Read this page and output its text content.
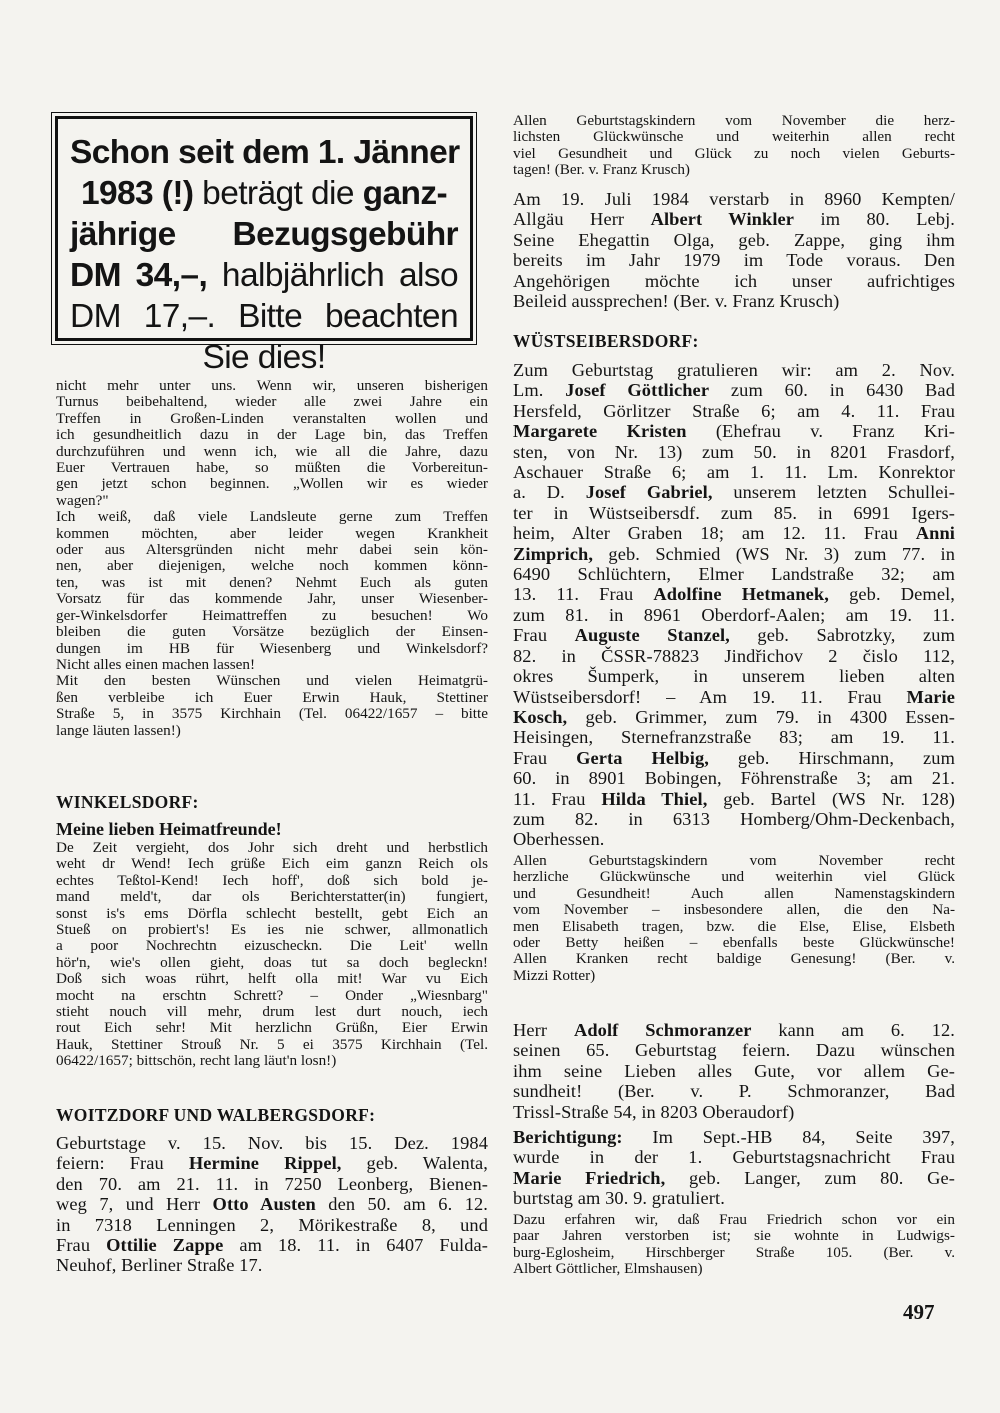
Schon seit dem 1. Jänner
1983 (!) beträgt die ganz-
jährige Bezugsgebühr
DM 34,–, halbjährlich also
DM 17,–. Bitte beachten
Sie dies!
nicht mehr unter uns. Wenn wir, unseren bisherigen
Turnus beibehaltend, wieder alle zwei Jahre ein
Treffen in Großen-Linden veranstalten wollen und
ich gesundheitlich dazu in der Lage bin, das Treffen
durchzuführen und wenn ich, wie all die Jahre, dazu
Euer Vertrauen habe, so müßten die Vorbereitun-
gen jetzt schon beginnen. „Wollen wir es wieder
wagen?"
Ich weiß, daß viele Landsleute gerne zum Treffen
kommen möchten, aber leider wegen Krankheit
oder aus Altersgründen nicht mehr dabei sein kön-
nen, aber diejenigen, welche noch kommen könn-
ten, was ist mit denen? Nehmt Euch als guten
Vorsatz für das kommende Jahr, unser Wiesenber-
ger-Winkelsdorfer Heimattreffen zu besuchen! Wo
bleiben die guten Vorsätze bezüglich der Einsen-
dungen im HB für Wiesenberg und Winkelsdorf?
Nicht alles einen machen lassen!
Mit den besten Wünschen und vielen Heimatgrü-
ßen verbleibe ich Euer Erwin Hauk, Stettiner
Straße 5, in 3575 Kirchhain (Tel. 06422/1657 – bitte
lange läuten lassen!)
WINKELSDORF:
Meine lieben Heimatfreunde!
De Zeit vergieht, dos Johr sich dreht und herbstlich
weht dr Wend! Iech grüße Eich eim ganzn Reich ols
echtes Teßtol-Kend! Iech hoff', doß sich bold je-
mand meld't, dar ols Berichterstatter(in) fungiert,
sonst is's ems Dörfla schlecht bestellt, gebt Eich an
Stueß on probiert's! Es ies nie schwer, allmonatlich
a poor Nochrechtn eizuscheckn. Die Leit' welln
hör'n, wie's ollen gieht, doas tut sa doch begleckn!
Doß sich woas rührt, helft olla mit! War vu Eich
mocht na erschtn Schrett? – Onder „Wiesnbarg"
stieht nouch vill mehr, drum lest durt nouch, iech
rout Eich sehr! Mit herzlichn Grüßn, Eier Erwin
Hauk, Stettiner Strouß Nr. 5 ei 3575 Kirchhain (Tel.
06422/1657; bittschön, recht lang läut'n losn!)
WOITZDORF UND WALBERGSDORF:
Geburtstage v. 15. Nov. bis 15. Dez. 1984
feiern: Frau Hermine Rippel, geb. Walenta,
den 70. am 21. 11. in 7250 Leonberg, Bienen-
weg 7, und Herr Otto Austen den 50. am 6. 12.
in 7318 Lenningen 2, Mörikestraße 8, und
Frau Ottilie Zappe am 18. 11. in 6407 Fulda-
Neuhof, Berliner Straße 17.
Allen Geburtstagskindern vom November die herz-
lichsten Glückwünsche und weiterhin allen recht
viel Gesundheit und Glück zu noch vielen Geburts-
tagen! (Ber. v. Franz Krusch)
Am 19. Juli 1984 verstarb in 8960 Kempten/
Allgäu Herr Albert Winkler im 80. Lebj.
Seine Ehegattin Olga, geb. Zappe, ging ihm
bereits im Jahr 1979 im Tode voraus. Den
Angehörigen möchte ich unser aufrichtiges
Beileid aussprechen! (Ber. v. Franz Krusch)
WÜSTSEIBERSDORF:
Zum Geburtstag gratulieren wir: am 2. Nov.
Lm. Josef Göttlicher zum 60. in 6430 Bad
Hersfeld, Görlitzer Straße 6; am 4. 11. Frau
Margarete Kristen (Ehefrau v. Franz Kri-
sten, von Nr. 13) zum 50. in 8201 Frasdorf,
Aschauer Straße 6; am 1. 11. Lm. Konrektor
a. D. Josef Gabriel, unserem letzten Schullei-
ter in Wüstseibersdf. zum 85. in 6991 Igers-
heim, Alter Graben 18; am 12. 11. Frau Anni
Zimprich, geb. Schmied (WS Nr. 3) zum 77. in
6490 Schlüchtern, Elmer Landstraße 32; am
13. 11. Frau Adolfine Hetmanek, geb. Demel,
zum 81. in 8961 Oberdorf-Aalen; am 19. 11.
Frau Auguste Stanzel, geb. Sabrotzky, zum
82. in ČSSR-78823 Jindřichov 2 čislo 112,
okres Šumperk, in unserem lieben alten
Wüstseibersdorf! – Am 19. 11. Frau Marie
Kosch, geb. Grimmer, zum 79. in 4300 Essen-
Heisingen, Sternefranzstraße 83; am 19. 11.
Frau Gerta Helbig, geb. Hirschmann, zum
60. in 8901 Bobingen, Föhrenstraße 3; am 21.
11. Frau Hilda Thiel, geb. Bartel (WS Nr. 128)
zum 82. in 6313 Homberg/Ohm-Deckenbach,
Oberhessen.
Allen Geburtstagskindern vom November recht
herzliche Glückwünsche und weiterhin viel Glück
und Gesundheit! Auch allen Namenstagskindern
vom November – insbesondere allen, die den Na-
men Elisabeth tragen, bzw. die Else, Elise, Elsbeth
oder Betty heißen – ebenfalls beste Glückwünsche!
Allen Kranken recht baldige Genesung! (Ber. v.
Mizzi Rotter)
Herr Adolf Schmoranzer kann am 6. 12.
seinen 65. Geburtstag feiern. Dazu wünschen
ihm seine Lieben alles Gute, vor allem Ge-
sundheit! (Ber. v. P. Schmoranzer, Bad
Trissl-Straße 54, in 8203 Oberaudorf)
Berichtigung: Im Sept.-HB 84, Seite 397,
wurde in der 1. Geburtstagsnachricht Frau
Marie Friedrich, geb. Langer, zum 80. Ge-
burtstag am 30. 9. gratuliert.
Dazu erfahren wir, daß Frau Friedrich schon vor ein
paar Jahren verstorben ist; sie wohnte in Ludwigs-
burg-Eglosheim, Hirschberger Straße 105. (Ber. v.
Albert Göttlicher, Elmshausen)
497
